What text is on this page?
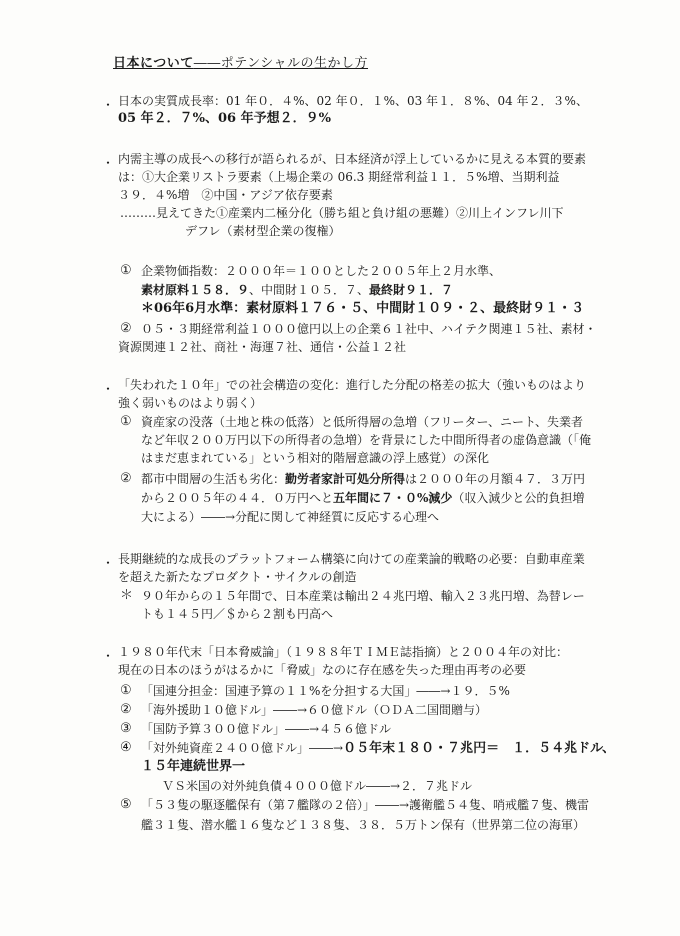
日本について――ポテンシャルの生かし方
・ 日本の実質成長率：01 年０．４%、02 年０．１%、03 年１．８%、04 年２．３%、
05 年２．７%、06 年予想２．９%
・ 内需主導の成長への移行が語られるが、日本経済が浮上しているかに見える本質的要素
は：①大企業リストラ要素（上場企業の 06.3 期経常利益１１．５%増、当期利益
３９．４%増　②中国・アジア依存要素
………見えてきた①産業内二極分化（勝ち組と負け組の悪難）②川上インフレ川下
デフレ（素材型企業の復権）
① 企業物価指数：２０００年＝１００とした２００５年上２月水準、
素材原料１５８．９、中間財１０５．７、最終財９１．７
＊06年6月水準：素材原料１７６・５、中間財１０９・２、最終財９１・３
② ０５・３期経常利益１０００億円以上の企業６１社中、ハイテク関連１５社、素材・
資源関連１２社、商社・海運７社、通信・公益１２社
・ 「失われた１０年」での社会構造の変化：進行した分配の格差の拡大（強いものはより
強く弱いものはより弱く）
① 資産家の没落（土地と株の低落）と低所得層の急増（フリーター、ニート、失業者
など年収２００万円以下の所得者の急増）を背景にした中間所得者の虚偽意識（「俺
はまだ恵まれている」という相対的階層意識の浮上感覚）の深化
② 都市中間層の生活も劣化：勤労者家計可処分所得は２０００年の月額４７．３万円
から２００５年の４４．０万円へと五年間に７・０%減少（収入減少と公的負担増
大による）――→分配に関して神経質に反応する心理へ
・ 長期継続的な成長のプラットフォーム構築に向けての産業論的戦略の必要：自動車産業
を超えた新たなプロダクト・サイクルの創造
＊ ９０年からの１５年間で、日本産業は輸出２４兆円増、輸入２３兆円増、為替レー
トも１４５円／＄から２割も円高へ
・ １９８０年代末「日本脅威論」（１９８８年ＴＩＭＥ誌指摘）と２００４年の対比：
現在の日本のほうがはるかに「脅威」なのに存在感を失った理由再考の必要
① 「国連分担金：国連予算の１１%を分担する大国」――→１９．５%
② 「海外援助１０億ドル」――→６０億ドル（ＯＤＡ二国間贈与）
③ 「国防予算３００億ドル」――→４５６億ドル
④ 「対外純資産２４００億ドル」――→０５年末１８０・７兆円＝　１．５４兆ドル、
１５年連続世界一
ＶＳ米国の対外純負債４０００億ドル――→２．７兆ドル
⑤ 「５３隻の駆逐艦保有（第７艦隊の２倍）」――→護衛艦５４隻、哨戒艦７隻、機雷
艦３１隻、潜水艦１６隻など１３８隻、３８．５万トン保有（世界第二位の海軍）
